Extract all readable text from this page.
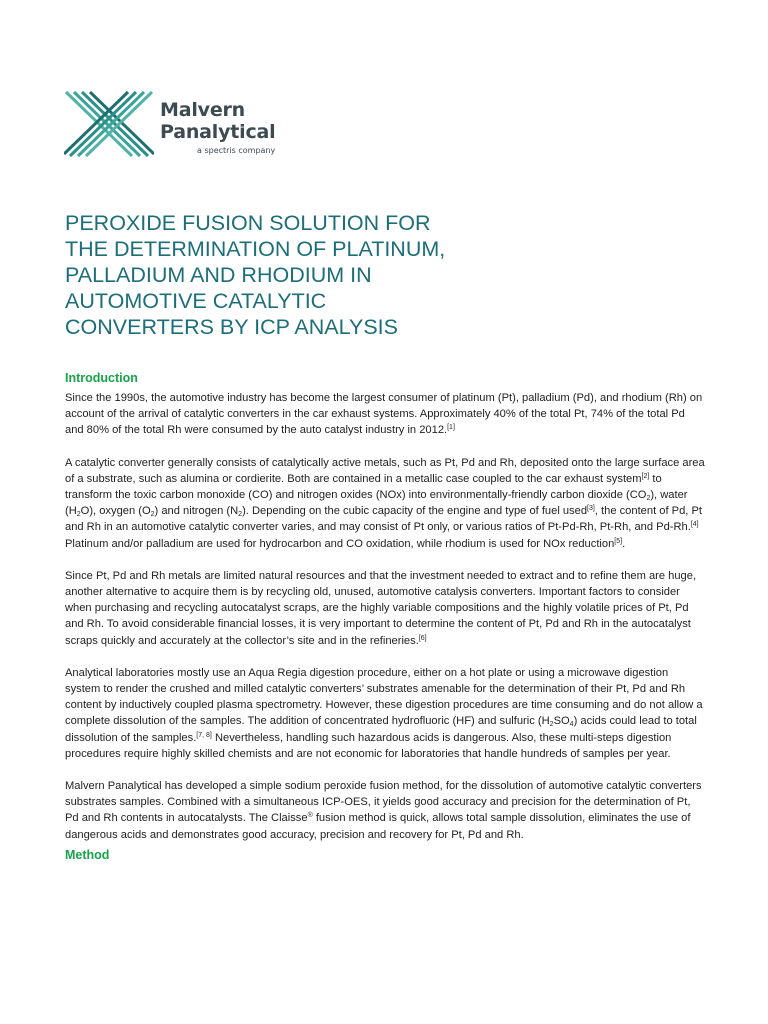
Malvern
Panalytical
a spectris company
PEROXIDE FUSION SOLUTION FOR
THE DETERMINATION OF PLATINUM,
PALLADIUM AND RHODIUM IN
AUTOMOTIVE CATALYTIC
CONVERTERS BY ICP ANALYSIS
Introduction

Since the 1990s, the automotive industry has become the largest consumer of platinum (Pt), palladium (Pd), and rhodium (Rh) on account of the arrival of catalytic converters in the car exhaust systems. Approximately 40% of the total Pt, 74% of the total Pd and 80% of the total Rh were consumed by the auto catalyst industry in 2012.[1]

A catalytic converter generally consists of catalytically active metals, such as Pt, Pd and Rh, deposited onto the large surface area of a substrate, such as alumina or cordierite. Both are contained in a metallic case coupled to the car exhaust system[2] to transform the toxic carbon monoxide (CO) and nitrogen oxides (NOx) into environmentally-friendly carbon dioxide $(CO_2)$, water $(H_2O)$, oxygen $(O_2)$ and nitrogen $(N_2)$. Depending on the cubic capacity of the engine and type of fuel used[3], the content of Pd, Pt and Rh in an automotive catalytic converter varies, and may consist of Pt only, or various ratios of Pt-Pd-Rh, Pt-Rh, and Pd-Rh.[4] Platinum and/or palladium are used for hydrocarbon and CO oxidation, while rhodium is used for NOx reduction[5].

Since Pt, Pd and Rh metals are limited natural resources and that the investment needed to extract and to refine them are huge, another alternative to acquire them is by recycling old, unused, automotive catalysis converters. Important factors to consider when purchasing and recycling autocatalyst scraps, are the highly variable compositions and the highly volatile prices of Pt, Pd and Rh. To avoid considerable financial losses, it is very important to determine the content of Pt, Pd and Rh in the autocatalyst scraps quickly and accurately at the collector’s site and in the refineries.[6]

Analytical laboratories mostly use an Aqua Regia digestion procedure, either on a hot plate or using a microwave digestion system to render the crushed and milled catalytic converters’ substrates amenable for the determination of their Pt, Pd and Rh content by inductively coupled plasma spectrometry. However, these digestion procedures are time consuming and do not allow a complete dissolution of the samples. The addition of concentrated hydrofluoric (HF) and sulfuric $(H_2SO_4)$ acids could lead to total dissolution of the samples.[7, 8] Nevertheless, handling such hazardous acids is dangerous. Also, these multi-steps digestion procedures require highly skilled chemists and are not economic for laboratories that handle hundreds of samples per year.

Malvern Panalytical has developed a simple sodium peroxide fusion method, for the dissolution of automotive catalytic converters substrates samples. Combined with a simultaneous ICP-OES, it yields good accuracy and precision for the determination of Pt, Pd and Rh contents in autocatalysts. The Claisse® fusion method is quick, allows total sample dissolution, eliminates the use of dangerous acids and demonstrates good accuracy, precision and recovery for Pt, Pd and Rh.

Method
